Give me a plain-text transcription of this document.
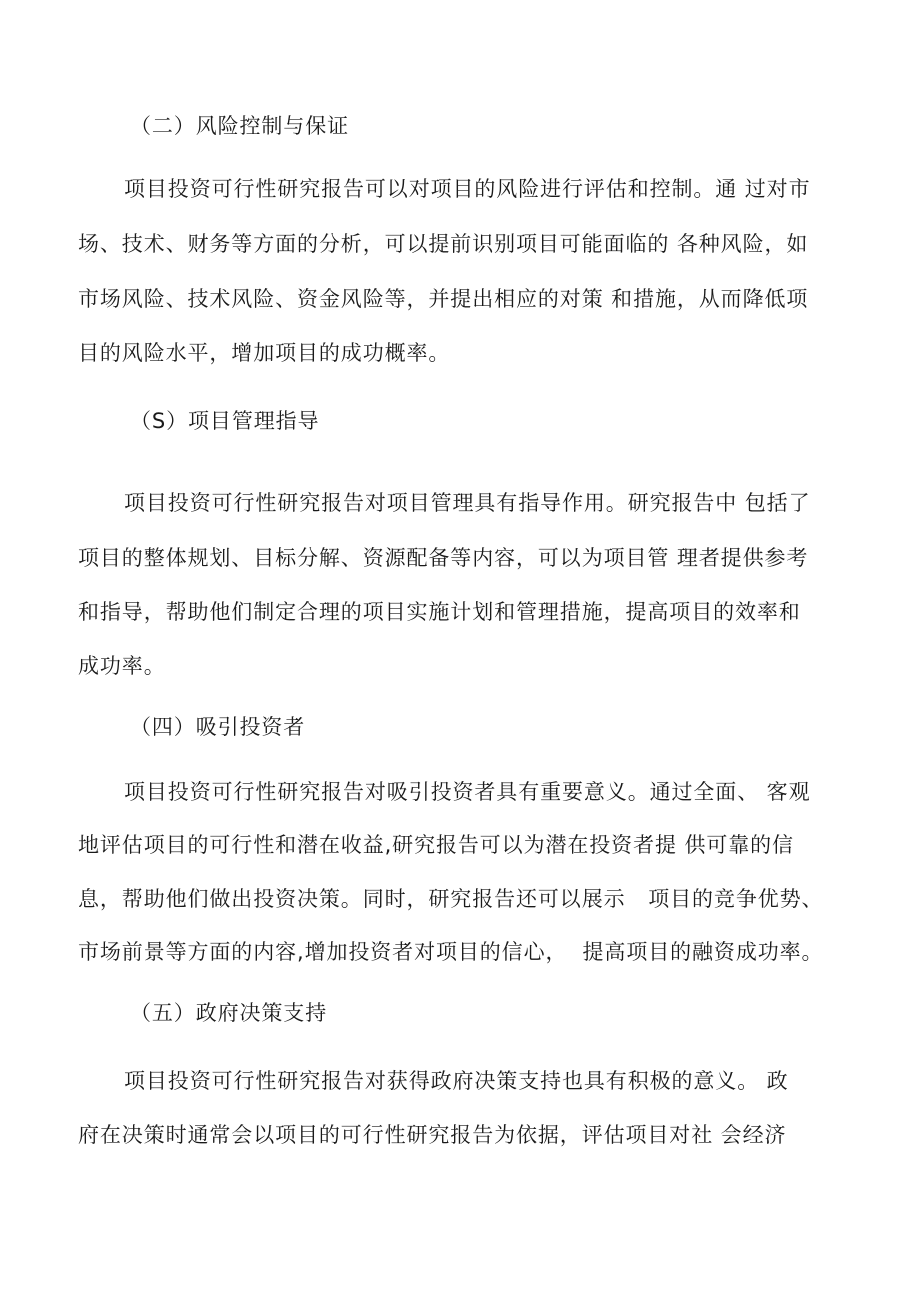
（二）风险控制与保证
项目投资可行性研究报告可以对项目的风险进行评估和控制。通 过对市
场、技术、财务等方面的分析，可以提前识别项目可能面临的 各种风险，如
市场风险、技术风险、资金风险等，并提出相应的对策 和措施，从而降低项
目的风险水平，增加项目的成功概率。
（S）项目管理指导
项目投资可行性研究报告对项目管理具有指导作用。研究报告中 包括了
项目的整体规划、目标分解、资源配备等内容，可以为项目管 理者提供参考
和指导，帮助他们制定合理的项目实施计划和管理措施，提高项目的效率和
成功率。
（四）吸引投资者
项目投资可行性研究报告对吸引投资者具有重要意义。通过全面、 客观
地评估项目的可行性和潜在收益,研究报告可以为潜在投资者提 供可靠的信
息，帮助他们做出投资决策。同时，研究报告还可以展示   项目的竞争优势、
市场前景等方面的内容,增加投资者对项目的信心，  提高项目的融资成功率。
（五）政府决策支持
项目投资可行性研究报告对获得政府决策支持也具有积极的意义。 政
府在决策时通常会以项目的可行性研究报告为依据，评估项目对社 会经济
